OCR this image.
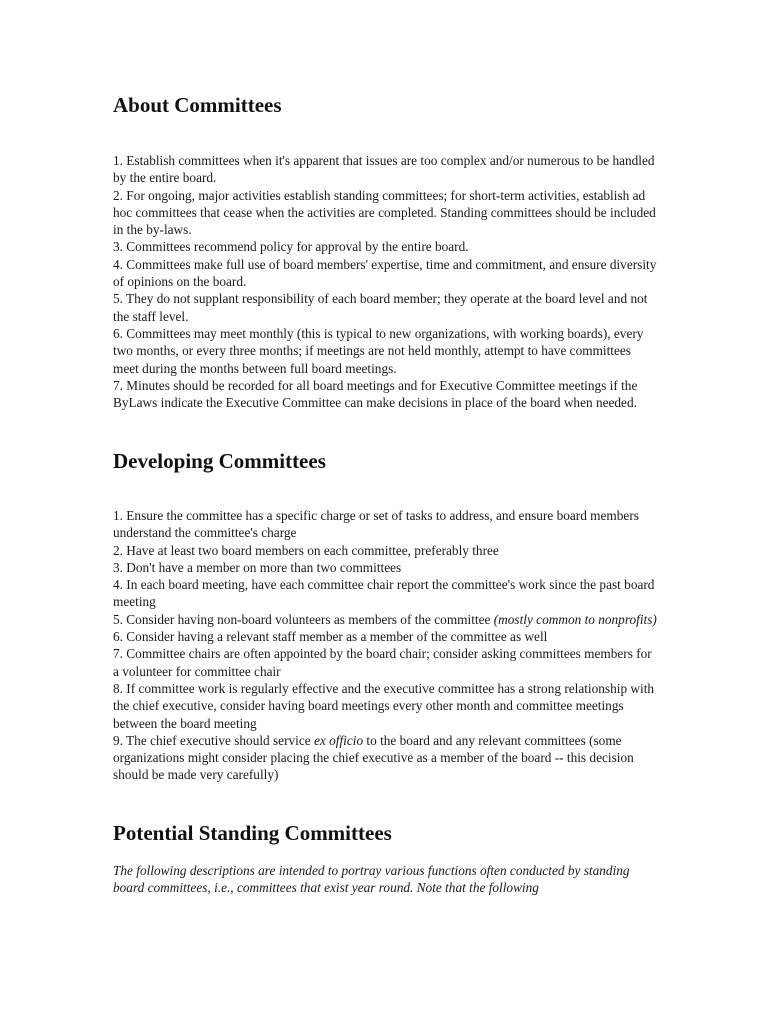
About Committees
1. Establish committees when it's apparent that issues are too complex and/or numerous to be handled by the entire board.
2. For ongoing, major activities establish standing committees; for short-term activities, establish ad hoc committees that cease when the activities are completed. Standing committees should be included in the by-laws.
3. Committees recommend policy for approval by the entire board.
4. Committees make full use of board members' expertise, time and commitment, and ensure diversity of opinions on the board.
5. They do not supplant responsibility of each board member; they operate at the board level and not the staff level.
6. Committees may meet monthly (this is typical to new organizations, with working boards), every two months, or every three months; if meetings are not held monthly, attempt to have committees meet during the months between full board meetings.
7. Minutes should be recorded for all board meetings and for Executive Committee meetings if the ByLaws indicate the Executive Committee can make decisions in place of the board when needed.
Developing Committees
1. Ensure the committee has a specific charge or set of tasks to address, and ensure board members understand the committee's charge
2. Have at least two board members on each committee, preferably three
3. Don't have a member on more than two committees
4. In each board meeting, have each committee chair report the committee's work since the past board meeting
5. Consider having non-board volunteers as members of the committee (mostly common to nonprofits)
6. Consider having a relevant staff member as a member of the committee as well
7. Committee chairs are often appointed by the board chair; consider asking committees members for a volunteer for committee chair
8. If committee work is regularly effective and the executive committee has a strong relationship with the chief executive, consider having board meetings every other month and committee meetings between the board meeting
9. The chief executive should service ex officio to the board and any relevant committees (some organizations might consider placing the chief executive as a member of the board -- this decision should be made very carefully)
Potential Standing Committees

The following descriptions are intended to portray various functions often conducted by standing board committees, i.e., committees that exist year round. Note that the following
